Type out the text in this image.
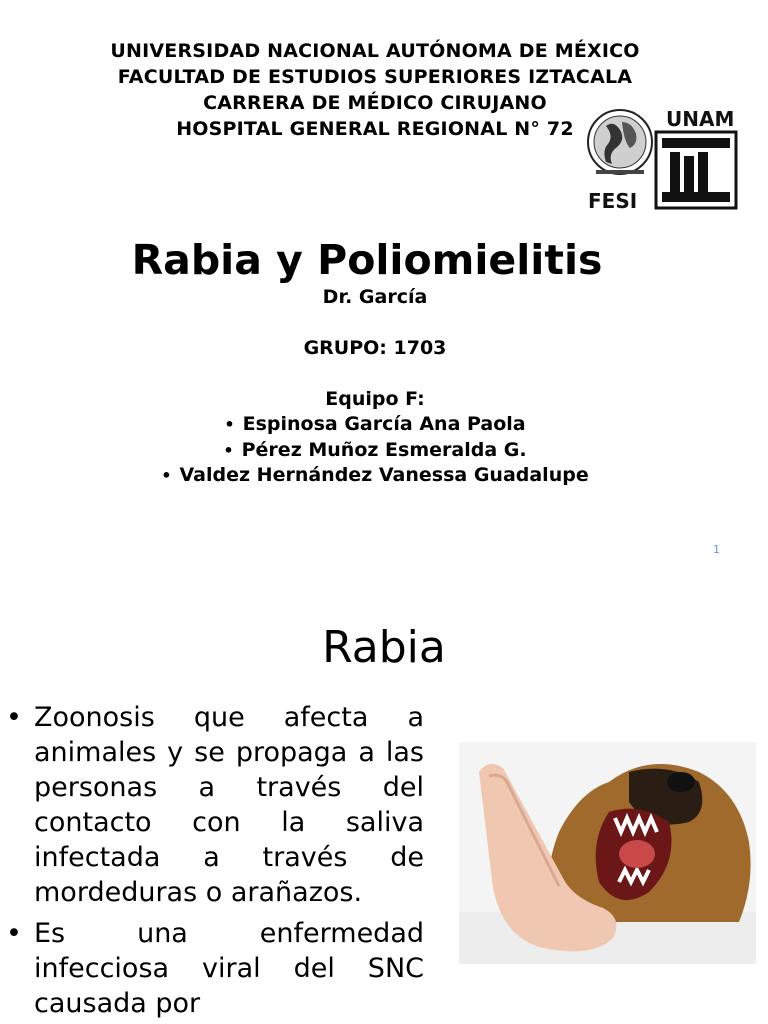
UNIVERSIDAD NACIONAL AUTÓNOMA DE MÉXICO
FACULTAD DE ESTUDIOS SUPERIORES IZTACALA
CARRERA DE MÉDICO CIRUJANO
HOSPITAL GENERAL REGIONAL N° 72	UNAM
FESI
Rabia y Poliomielitis
Dr. García
GRUPO: 1703
Equipo F:
• Espinosa García Ana Paola
• Pérez Muñoz Esmeralda G.
• Valdez Hernández Vanessa Guadalupe
1
Rabia
• Zoonosis que afecta a animales y se propaga a las personas a través del contacto con la saliva infectada a través de mordeduras o arañazos.
• Es una enfermedad infecciosa viral del SNC causada por
